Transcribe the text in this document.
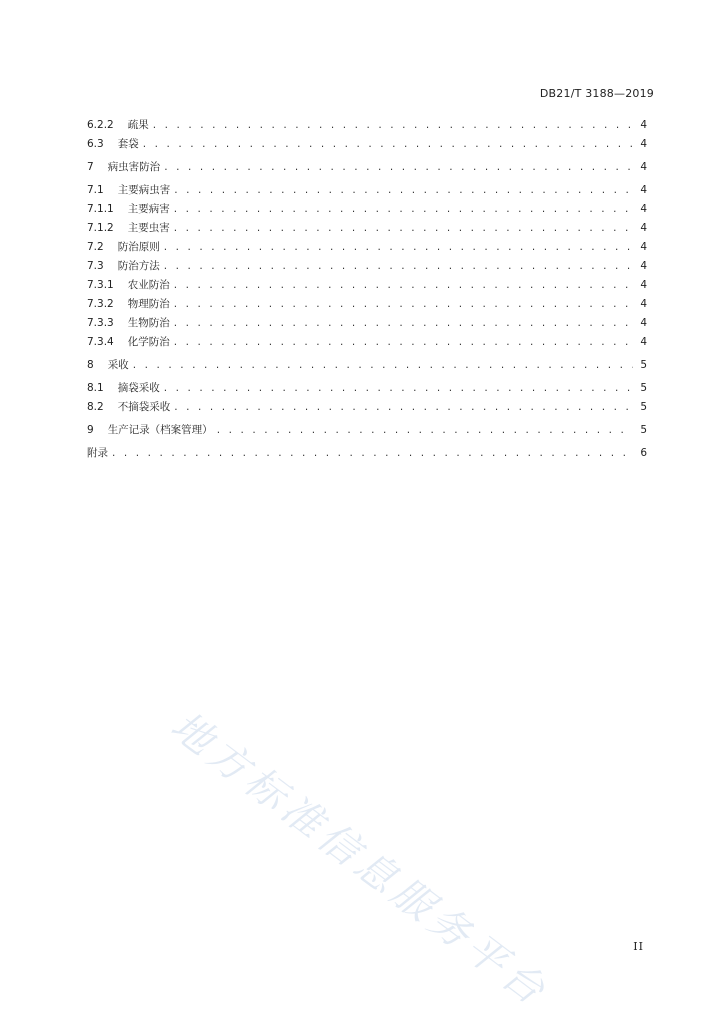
DB21/T 3188—2019
6.2.2 疏果 . . .	4
6.3 套袋 . . .	4
7 病虫害防治 . . .	4
7.1 主要病虫害 . . .	4
7.1.1 主要病害 . . .	4
7.1.2 主要虫害 . . .	4
7.2 防治原则 . . .	4
7.3 防治方法 . . .	4
7.3.1 农业防治 . . .	4
7.3.2 物理防治 . . .	4
7.3.3 生物防治 . . .	4
7.3.4 化学防治 . . .	4
8 采收 . . .	5
8.1 摘袋采收 . . .	5
8.2 不摘袋采收 . . .	5
9 生产记录（档案管理） . . .	5
附录 . . .	6
地方标准信息服务平台	II
